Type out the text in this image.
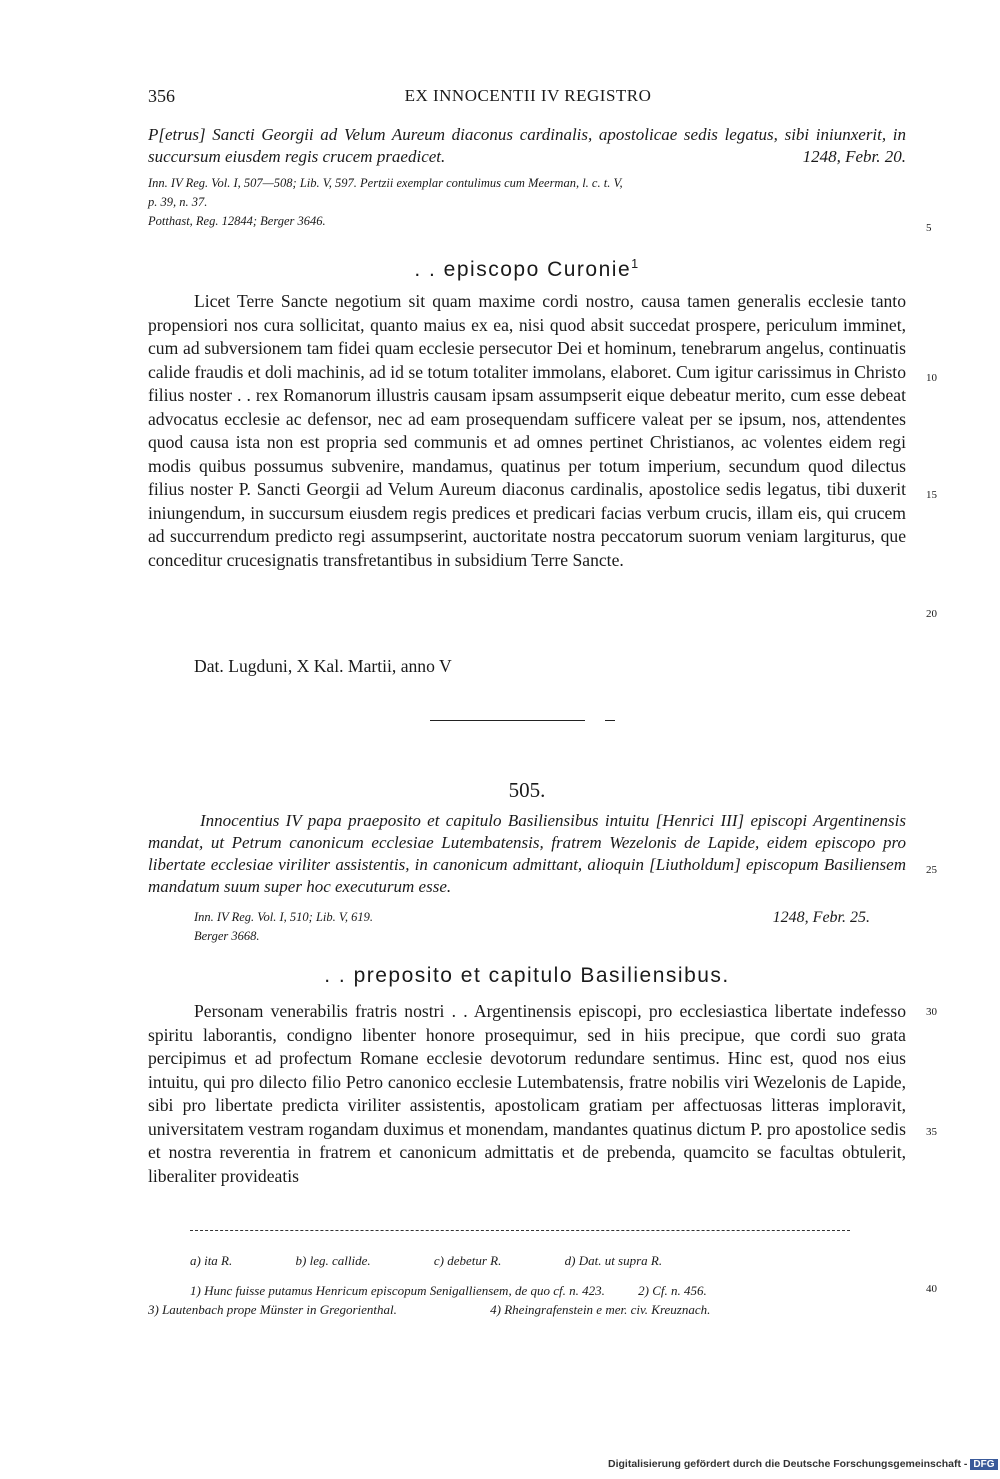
356	EX INNOCENTII IV REGISTRO
P[etrus] Sancti Georgii ad Velum Aureum diaconus cardinalis, apostolicae sedis legatus, sibi iniunxerit, in succursum eiusdem regis crucem praedicet.	1248, Febr. 20.
Inn. IV Reg. Vol. I, 507—508; Lib. V, 597. Pertzii exemplar contulimus cum Meerman, l. c. t. V,
p. 39, n. 37.
Potthast, Reg. 12844; Berger 3646.
. . episcopo Curonie$^1$

Licet Terre Sancte negotium sit quam maxime cordi nostro, causa tamen generalis ecclesie tanto propensiori nos cura sollicitat, quanto maius ex ea, nisi quod absit succedat prospere, periculum imminet, cum ad subversionem tam fidei quam ecclesie persecutor Dei et hominum, tenebrarum angelus, continuatis calide fraudis et doli machinis, ad id se totum totaliter immolans, elaboret. Cum igitur carissimus in Christo filius noster . . rex Romanorum illustris causam ipsam assumpserit eique debeatur merito, cum esse debeat advocatus ecclesie ac defensor, nec ad eam prosequendam sufficere valeat per se ipsum, nos, attendentes quod causa ista non est propria sed communis et ad omnes pertinet Christianos, ac volentes eidem regi modis quibus possumus subvenire, mandamus, quatinus per totum imperium, secundum quod dilectus filius noster P. Sancti Georgii ad Velum Aureum diaconus cardinalis, apostolice sedis legatus, tibi duxerit iniungendum, in succursum eiusdem regis predices et predicari facias verbum crucis, illam eis, qui crucem ad succurrendum predicto regi assumpserint, auctoritate nostra peccatorum suorum veniam largiturus, que conceditur crucesignatis transfretantibus in subsidium Terre Sancte.

Dat. Lugduni, X Kal. Martii, anno V
505.
Innocentius IV papa praeposito et capitulo Basiliensibus intuitu [Henrici III] episcopi Argentinensis mandat, ut Petrum canonicum ecclesiae Lutembatensis, fratrem Wezelonis de Lapide, eidem episcopo pro libertate ecclesiae viriliter assistentis, in canonicum admittant, alioquin [Liutholdum] episcopum Basiliensem mandatum suum super hoc executurum esse.
Inn. IV Reg. Vol. I, 510; Lib. V, 619.	1248, Febr. 25.
Berger 3668.
. . preposito et capitulo Basiliensibus.

Personam venerabilis fratris nostri . . Argentinensis episcopi, pro ecclesiastica libertate indefesso spiritu laborantis, condigno libenter honore prosequimur, sed in hiis precipue, que cordi suo grata percipimus et ad profectum Romane ecclesie devotorum redundare sentimus. Hinc est, quod nos eius intuitu, qui pro dilecto filio Petro canonico ecclesie Lutembatensis, fratre nobilis viri Wezelonis de Lapide, sibi pro libertate predicta viriliter assistentis, apostolicam gratiam per affectuosas litteras imploravit, universitatem vestram rogandam duximus et monendam, mandantes quatinus dictum P. pro apostolice sedis et nostra reverentia in fratrem et canonicum admittatis et de prebenda, quamcito se facultas obtulerit, liberaliter provideatis

5
10
15
20
25
30
35
40
a) ita R.	b) leg. callide.	c) debetur R.	d) Dat. ut supra R.
1) Hunc fuisse putamus Henricum episcopum Senigalliensem, de quo cf. n. 423.	2) Cf. n. 456.
3) Lautenbach prope Münster in Gregorienthal.	4) Rheingrafenstein e mer. civ. Kreuznach.
Digitalisierung gefördert durch die Deutsche Forschungsgemeinschaft - DFG
